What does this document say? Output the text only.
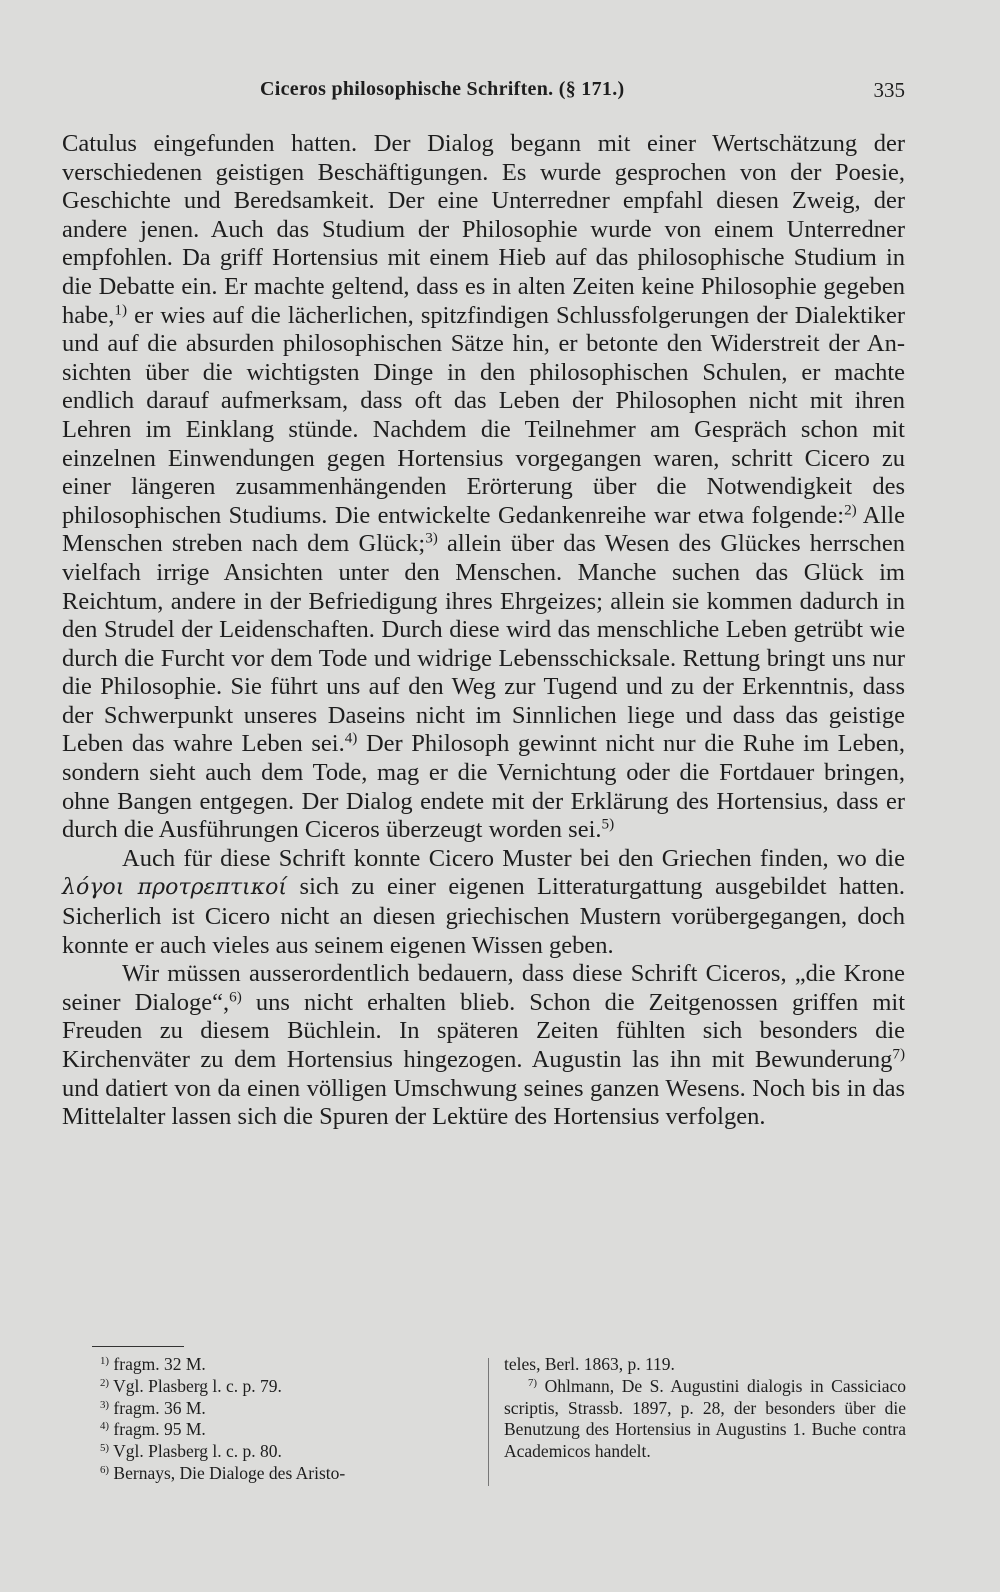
Ciceros philosophische Schriften. (§ 171.)	335

Catulus eingefunden hatten. Der Dialog begann mit einer Wertschätzung der verschiedenen geistigen Beschäftigungen. Es wurde gesprochen von der Poesie, Geschichte und Beredsamkeit. Der eine Unterredner empfahl diesen Zweig, der andere jenen. Auch das Studium der Philosophie wurde von einem Unterredner empfohlen. Da griff Hortensius mit einem Hieb auf das philosophische Studium in die Debatte ein. Er machte geltend, dass es in alten Zeiten keine Philosophie gegeben habe,$^{1)}$ er wies auf die lächerlichen, spitzfindigen Schlussfolgerungen der Dialektiker und auf die absurden philosophischen Sätze hin, er betonte den Widerstreit der Ansichten über die wichtigsten Dinge in den philosophischen Schulen, er machte endlich darauf aufmerksam, dass oft das Leben der Philosophen nicht mit ihren Lehren im Einklang stünde. Nachdem die Teilnehmer am Gespräch schon mit einzelnen Einwendungen gegen Hortensius vorgegangen waren, schritt Cicero zu einer längeren zusammenhängenden Erörterung über die Notwendigkeit des philosophischen Studiums. Die entwickelte Gedankenreihe war etwa folgende:$^{2)}$ Alle Menschen streben nach dem Glück;$^{3)}$ allein über das Wesen des Glückes herrschen vielfach irrige Ansichten unter den Menschen. Manche suchen das Glück im Reichtum, andere in der Befriedigung ihres Ehrgeizes; allein sie kommen dadurch in den Strudel der Leidenschaften. Durch diese wird das menschliche Leben getrübt wie durch die Furcht vor dem Tode und widrige Lebensschicksale. Rettung bringt uns nur die Philosophie. Sie führt uns auf den Weg zur Tugend und zu der Erkenntnis, dass der Schwerpunkt unseres Daseins nicht im Sinnlichen liege und dass das geistige Leben das wahre Leben sei.$^{4)}$ Der Philosoph gewinnt nicht nur die Ruhe im Leben, sondern sieht auch dem Tode, mag er die Vernichtung oder die Fortdauer bringen, ohne Bangen entgegen. Der Dialog endete mit der Erklärung des Hortensius, dass er durch die Ausführungen Ciceros überzeugt worden sei.$^{5)}$

Auch für diese Schrift konnte Cicero Muster bei den Griechen finden, wo die λόγοι προτρεπτικοί sich zu einer eigenen Litteraturgattung ausgebildet hatten. Sicherlich ist Cicero nicht an diesen griechischen Mustern vorübergegangen, doch konnte er auch vieles aus seinem eigenen Wissen geben.

Wir müssen ausserordentlich bedauern, dass diese Schrift Ciceros, „die Krone seiner Dialoge“,$^{6)}$ uns nicht erhalten blieb. Schon die Zeitgenossen griffen mit Freuden zu diesem Büchlein. In späteren Zeiten fühlten sich besonders die Kirchenväter zu dem Hortensius hingezogen. Augustin las ihn mit Bewunderung$^{7)}$ und datiert von da einen völligen Umschwung seines ganzen Wesens. Noch bis in das Mittelalter lassen sich die Spuren der Lektüre des Hortensius verfolgen.

$^{1)}$ fragm. 32 M.

$^{2)}$ Vgl. Plasberg l. c. p. 79.

$^{3)}$ fragm. 36 M.

$^{4)}$ fragm. 95 M.

$^{5)}$ Vgl. Plasberg l. c. p. 80.

$^{6)}$ Bernays, Die Dialoge des Aristo-

teles, Berl. 1863, p. 119.

$^{7)}$ Ohlmann, De S. Augustini dialogis in Cassiciaco scriptis, Strassb. 1897, p. 28, der besonders über die Benutzung des Hortensius in Augustins 1. Buche contra Academicos handelt.
